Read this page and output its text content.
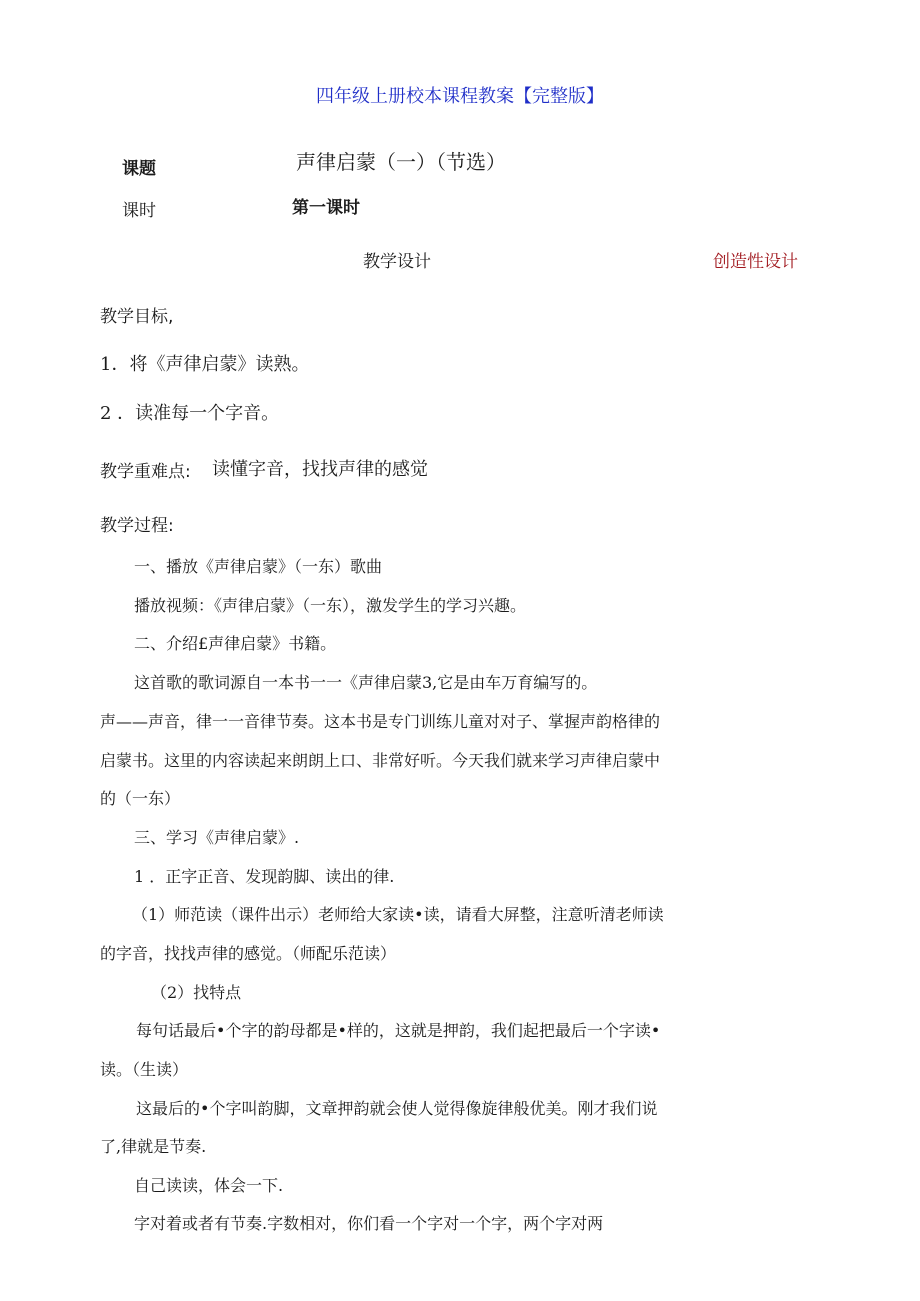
四年级上册校本课程教案【完整版】
课题	声律启蒙（一）（节选）
课时	第一课时
教学设计	创造性设计
教学目标,
1．将《声律启蒙》读熟。
2 ．读准每一个字音。
教学重难点: 读懂字音，找找声律的感觉
教学过程:
一、播放《声律启蒙》（一东）歌曲
播放视频：《声律启蒙》（一东），激发学生的学习兴趣。
二、介绍£声律启蒙》书籍。
这首歌的歌词源自一本书一一《声律启蒙3,它是由车万育编写的。
声——声音，律一一音律节奏。这本书是专门训练儿童对对子、掌握声韵格律的
启蒙书。这里的内容读起来朗朗上口、非常好听。今天我们就来学习声律启蒙中
的（一东）
三、学习《声律启蒙》.
1 ．正字正音、发现韵脚、读出的律.
（1）师范读（课件出示）老师给大家读•读，请看大屏整，注意听清老师读
的字音，找找声律的感觉。（师配乐范读）
（2）找特点
每句话最后•个字的韵母都是•样的，这就是押韵，我们起把最后一个字读•
读。（生读）
这最后的•个字叫韵脚，文章押韵就会使人觉得像旋律般优美。刚才我们说
了,律就是节奏.
自己读读，体会一下.
字对着或者有节奏.字数相对，你们看一个字对一个字，两个字对两
